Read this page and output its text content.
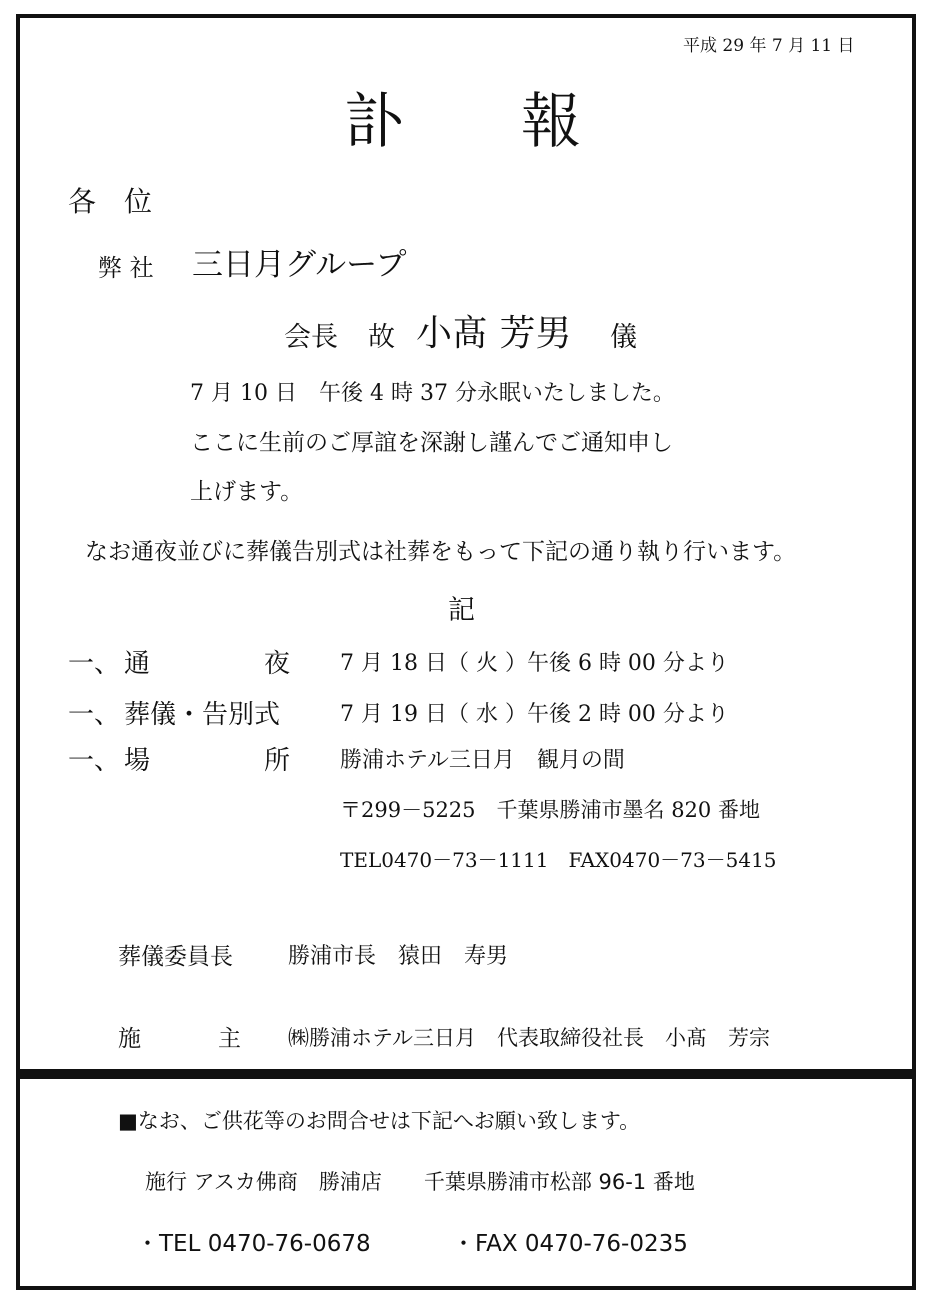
平成 29 年 7 月 11 日
訃 報
各　位
弊 社 三日月グループ
会長 故 小髙 芳男 儀
7 月 10 日　午後 4 時 37 分永眠いたしました。
ここに生前のご厚誼を深謝し謹んでご通知申し
上げます。
なお通夜並びに葬儀告別式は社葬をもって下記の通り執り行います。
記
一、 通	夜 7 月 18 日（ 火 ）午後 6 時 00 分より
一、 葬儀・告別式	7 月 19 日（ 水 ）午後 2 時 00 分より
一、 場	所 勝浦ホテル三日月　観月の間
〒299－5225　千葉県勝浦市墨名 820 番地
TEL0470－73－1111　FAX0470－73－5415
葬儀委員長	勝浦市長　猿田　寿男
施	主 ㈱勝浦ホテル三日月　代表取締役社長　小髙　芳宗
■なお、ご供花等のお問合せは下記へお願い致します。
施行 アスカ佛商　勝浦店　　千葉県勝浦市松部 96-1 番地
・TEL 0470-76-0678	・FAX 0470-76-0235
